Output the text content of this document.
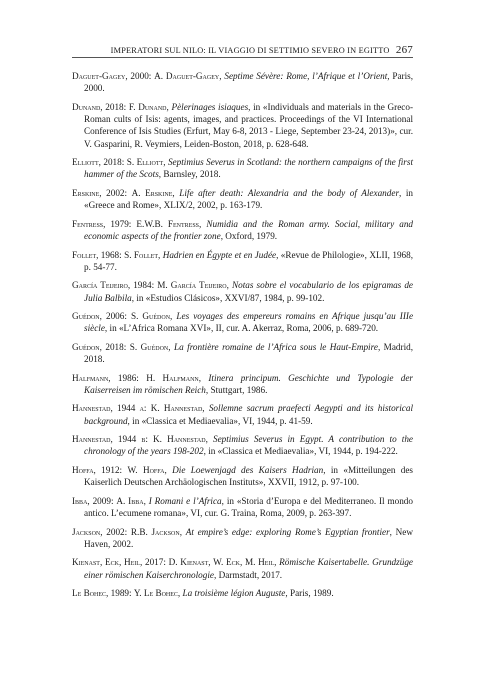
IMPERATORI SUL NILO: IL VIAGGIO DI SETTIMIO SEVERO IN EGITTO 267

Daguet-Gagey, 2000: A. Daguet-Gagey, Septime Sévère: Rome, l’Afrique et l’Orient, Paris, 2000.

Dunand, 2018: F. Dunand, Pèlerinages isiaques, in «Individuals and materials in the Greco-Roman cults of Isis: agents, images, and practices. Proceedings of the VI International Conference of Isis Studies (Erfurt, May 6-8, 2013 - Liege, September 23-24, 2013)», cur. V. Gasparini, R. Veymiers, Leiden-Boston, 2018, p. 628-648.

Elliott, 2018: S. Elliott, Septimius Severus in Scotland: the northern campaigns of the first hammer of the Scots, Barnsley, 2018.

Erskine, 2002: A. Erskine, Life after death: Alexandria and the body of Alexander, in «Greece and Rome», XLIX/2, 2002, p. 163-179.

Fentress, 1979: E.W.B. Fentress, Numidia and the Roman army. Social, military and economic aspects of the frontier zone, Oxford, 1979.

Follet, 1968: S. Follet, Hadrien en Égypte et en Judée, «Revue de Philologie», XLII, 1968, p. 54-77.

García Teijeiro, 1984: M. García Teijeiro, Notas sobre el vocabulario de los epigramas de Julia Balbila, in «Estudios Clásicos», XXVI/87, 1984, p. 99-102.

Guédon, 2006: S. Guédon, Les voyages des empereurs romains en Afrique jusqu’au IIIe siècle, in «L’Africa Romana XVI», II, cur. A. Akerraz, Roma, 2006, p. 689-720.

Guédon, 2018: S. Guédon, La frontière romaine de l’Africa sous le Haut-Empire, Madrid, 2018.

Halfmann, 1986: H. Halfmann, Itinera principum. Geschichte und Typologie der Kaiserreisen im römischen Reich, Stuttgart, 1986.

Hannestad, 1944 a: K. Hannestad, Sollemne sacrum praefecti Aegypti and its historical background, in «Classica et Mediaevalia», VI, 1944, p. 41-59.

Hannestad, 1944 b: K. Hannestad, Septimius Severus in Egypt. A contribution to the chronology of the years 198-202, in «Classica et Mediaevalia», VI, 1944, p. 194-222.

Hoffa, 1912: W. Hoffa, Die Loewenjagd des Kaisers Hadrian, in «Mitteilungen des Kaiserlich Deutschen Archäologischen Instituts», XXVII, 1912, p. 97-100.

Ibba, 2009: A. Ibba, I Romani e l’Africa, in «Storia d’Europa e del Mediterraneo. Il mondo antico. L’ecumene romana», VI, cur. G. Traina, Roma, 2009, p. 263-397.

Jackson, 2002: R.B. Jackson, At empire’s edge: exploring Rome’s Egyptian frontier, New Haven, 2002.

Kienast, Eck, Heil, 2017: D. Kienast, W. Eck, M. Heil, Römische Kaisertabelle. Grundzüge einer römischen Kaiserchronologie, Darmstadt, 2017.

Le Bohec, 1989: Y. Le Bohec, La troisième légion Auguste, Paris, 1989.
